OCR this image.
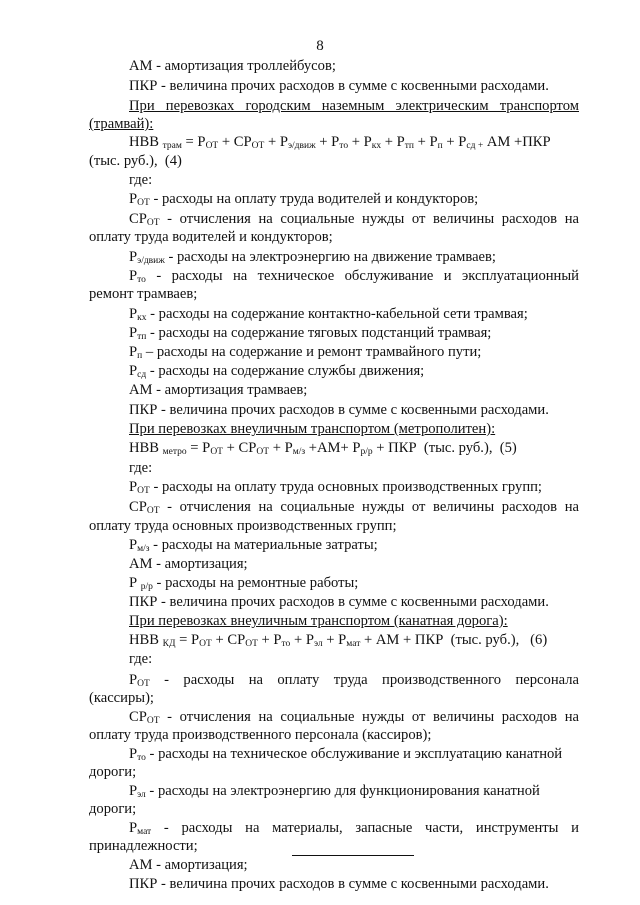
8
АМ - амортизация троллейбусов;
ПКР - величина прочих расходов в сумме с косвенными расходами.
При перевозках городским наземным электрическим транспортом
(трамвай):
НВВ $_{трам} = Р_{ОТ} + СР_{ОТ} + Р_{э/движ} + Р_{то} + Р_{кх} + Р_{тп} + Р_п + Р_{сд +}$ АМ +ПКР
(тыс. руб.),  (4)
где:
$Р_{ОТ}$ - расходы на оплату труда водителей и кондукторов;
$СР_{ОТ}$ - отчисления на социальные нужды от величины расходов на
оплату труда водителей и кондукторов;
$Р_{э/движ}$ - расходы на электроэнергию на движение трамваев;
$Р_{то}$ - расходы на техническое обслуживание и эксплуатационный
ремонт трамваев;
$Р_{кх}$ - расходы на содержание контактно-кабельной сети трамвая;
$Р_{тп}$ - расходы на содержание тяговых подстанций трамвая;
$Р_п$ – расходы на содержание и ремонт трамвайного пути;
$Р_{сд}$ - расходы на содержание службы движения;
АМ - амортизация трамваев;
ПКР - величина прочих расходов в сумме с косвенными расходами.
При перевозках внеуличным транспортом (метрополитен):
НВВ $_{метро} = Р_{ОТ} + СР_{ОТ} + Р_{м/з} +АМ+ Р_{р/р}$ + ПКР  (тыс. руб.),  (5)
где:
$Р_{ОТ}$ - расходы на оплату труда основных производственных групп;
$СР_{ОТ}$ - отчисления на социальные нужды от величины расходов на
оплату труда основных производственных групп;
$Р_{м/з}$ - расходы на материальные затраты;
АМ - амортизация;
Р $_{р/р}$ - расходы на ремонтные работы;
ПКР - величина прочих расходов в сумме с косвенными расходами.
При перевозках внеуличным транспортом (канатная дорога):
НВВ $_{КД} = Р_{ОТ} + СР_{ОТ} + Р_{то} + Р_{эл} + Р_{мат}$ + АМ + ПКР  (тыс. руб.),   (6)
где:
$Р_{ОТ}$ - расходы на оплату труда производственного персонала
(кассиры);
$СР_{ОТ}$ - отчисления на социальные нужды от величины расходов на
оплату труда производственного персонала (кассиров);
$Р_{то}$ - расходы на техническое обслуживание и эксплуатацию канатной
дороги;
$Р_{эл}$ - расходы на электроэнергию для функционирования канатной
дороги;
$Р_{мат}$ - расходы на материалы, запасные части, инструменты и
принадлежности;
АМ - амортизация;
ПКР - величина прочих расходов в сумме с косвенными расходами.
